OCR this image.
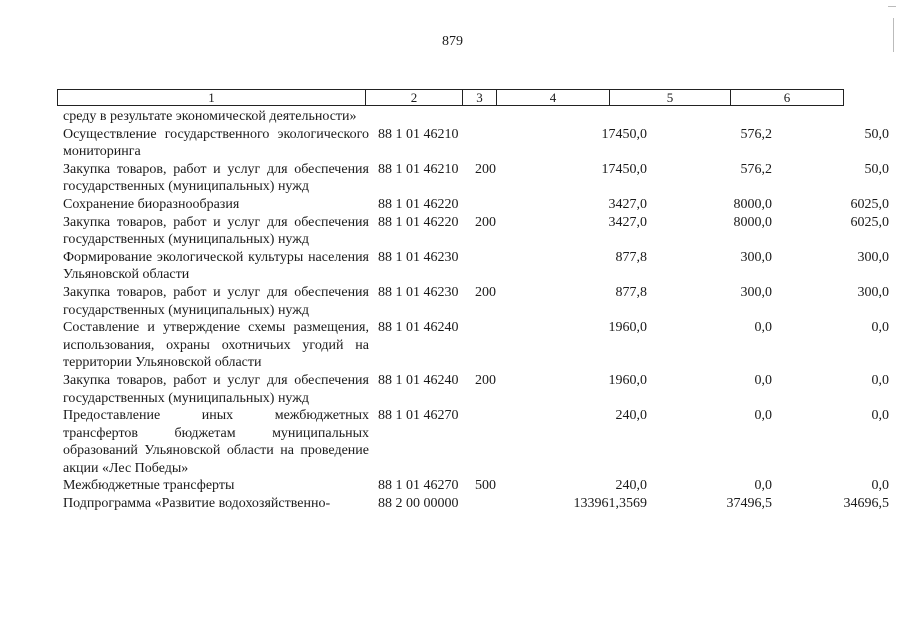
879
1	2	3	4	5	6
среду в результате экономической деятельности»					
Осуществление государственного экологического мониторинга	88 1 01 46210		17450,0	576,2	50,0
Закупка товаров, работ и услуг для обеспечения государственных (муниципальных) нужд	88 1 01 46210	200	17450,0	576,2	50,0
Сохранение биоразнообразия	88 1 01 46220		3427,0	8000,0	6025,0
Закупка товаров, работ и услуг для обеспечения государственных (муниципальных) нужд	88 1 01 46220	200	3427,0	8000,0	6025,0
Формирование экологической культуры населения Ульяновской области	88 1 01 46230		877,8	300,0	300,0
Закупка товаров, работ и услуг для обеспечения государственных (муниципальных) нужд	88 1 01 46230	200	877,8	300,0	300,0
Составление и утверждение схемы размещения, использования, охраны охотничьих угодий на территории Ульяновской области	88 1 01 46240		1960,0	0,0	0,0
Закупка товаров, работ и услуг для обеспечения государственных (муниципальных) нужд	88 1 01 46240	200	1960,0	0,0	0,0
Предоставление иных межбюджетных трансфертов бюджетам муниципальных образований Ульяновской области на проведение акции «Лес Победы»	88 1 01 46270		240,0	0,0	0,0
Межбюджетные трансферты	88 1 01 46270	500	240,0	0,0	0,0
Подпрограмма «Развитие водохозяйственно-	88 2 00 00000		133961,3569	37496,5	34696,5
